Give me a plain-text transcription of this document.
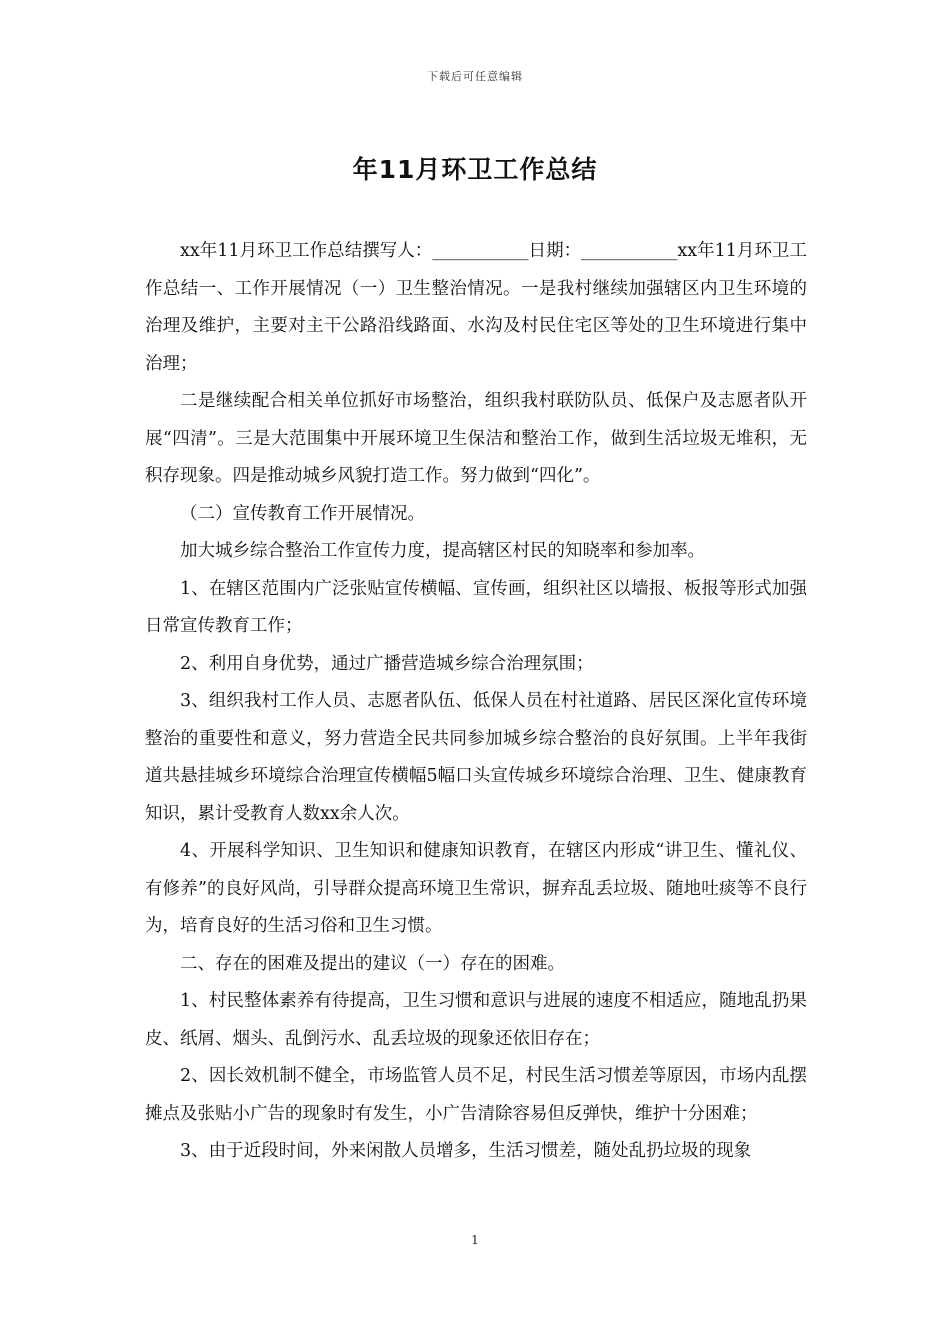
下载后可任意编辑
年11月环卫工作总结

xx年11月环卫工作总结撰写人：___________日期：___________xx年11月环卫工作总结一、工作开展情况（一）卫生整治情况。一是我村继续加强辖区内卫生环境的治理及维护，主要对主干公路沿线路面、水沟及村民住宅区等处的卫生环境进行集中治理；

二是继续配合相关单位抓好市场整治，组织我村联防队员、低保户及志愿者队开展“四清”。三是大范围集中开展环境卫生保洁和整治工作，做到生活垃圾无堆积，无积存现象。四是推动城乡风貌打造工作。努力做到“四化”。

（二）宣传教育工作开展情况。

加大城乡综合整治工作宣传力度，提高辖区村民的知晓率和参加率。

1、在辖区范围内广泛张贴宣传横幅、宣传画，组织社区以墙报、板报等形式加强日常宣传教育工作；

2、利用自身优势，通过广播营造城乡综合治理氛围；

3、组织我村工作人员、志愿者队伍、低保人员在村社道路、居民区深化宣传环境整治的重要性和意义，努力营造全民共同参加城乡综合整治的良好氛围。上半年我街道共悬挂城乡环境综合治理宣传横幅5幅口头宣传城乡环境综合治理、卫生、健康教育知识，累计受教育人数xx余人次。

4、开展科学知识、卫生知识和健康知识教育，在辖区内形成“讲卫生、懂礼仪、有修养”的良好风尚，引导群众提高环境卫生常识，摒弃乱丢垃圾、随地吐痰等不良行为，培育良好的生活习俗和卫生习惯。

二、存在的困难及提出的建议（一）存在的困难。

1、村民整体素养有待提高，卫生习惯和意识与进展的速度不相适应，随地乱扔果皮、纸屑、烟头、乱倒污水、乱丢垃圾的现象还依旧存在；

2、因长效机制不健全，市场监管人员不足，村民生活习惯差等原因，市场内乱摆摊点及张贴小广告的现象时有发生，小广告清除容易但反弹快，维护十分困难；

3、由于近段时间，外来闲散人员增多，生活习惯差，随处乱扔垃圾的现象

1
